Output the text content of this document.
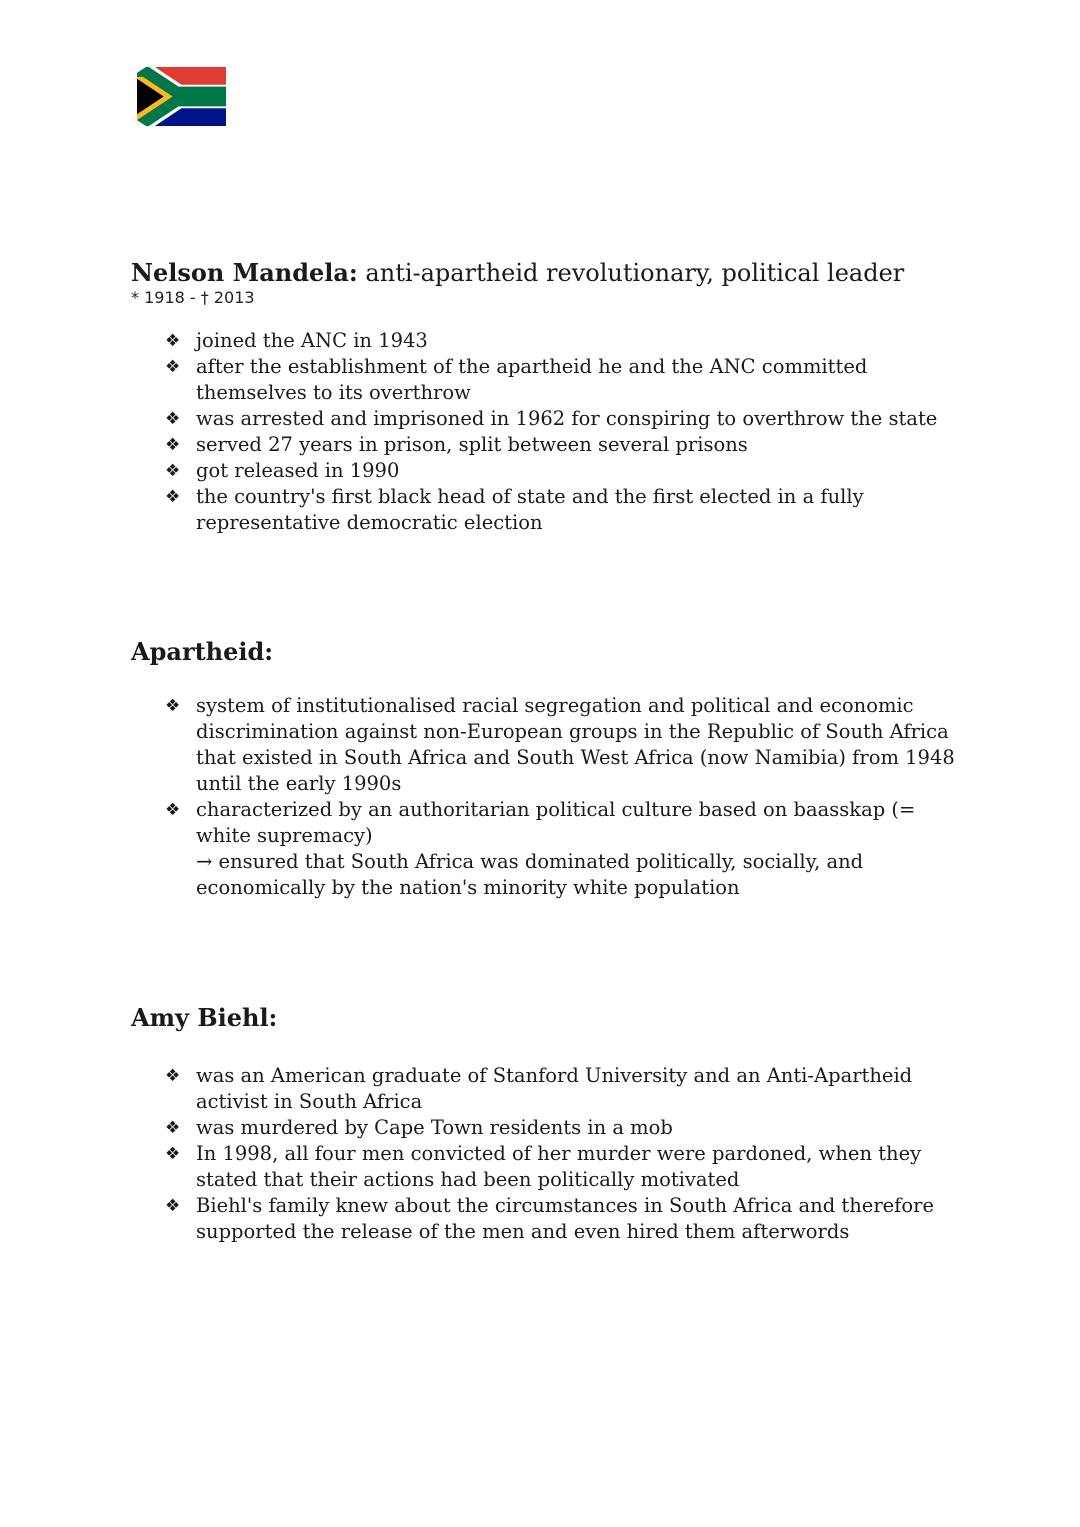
Nelson Mandela: anti-apartheid revolutionary, political leader

* 1918 - † 2013

❖ joined the ANC in 1943
❖ after the establishment of the apartheid he and the ANC committed themselves to its overthrow
❖ was arrested and imprisoned in 1962 for conspiring to overthrow the state
❖ served 27 years in prison, split between several prisons
❖ got released in 1990
❖ the country's first black head of state and the first elected in a fully representative democratic election
Apartheid:
❖ system of institutionalised racial segregation and political and economic discrimination against non-European groups in the Republic of South Africa that existed in South Africa and South West Africa (now Namibia) from 1948 until the early 1990s
❖ characterized by an authoritarian political culture based on baasskap (= white supremacy)
→ ensured that South Africa was dominated politically, socially, and economically by the nation's minority white population
Amy Biehl:
❖ was an American graduate of Stanford University and an Anti-Apartheid activist in South Africa
❖ was murdered by Cape Town residents in a mob
❖ In 1998, all four men convicted of her murder were pardoned, when they stated that their actions had been politically motivated
❖ Biehl's family knew about the circumstances in South Africa and therefore supported the release of the men and even hired them afterwords
